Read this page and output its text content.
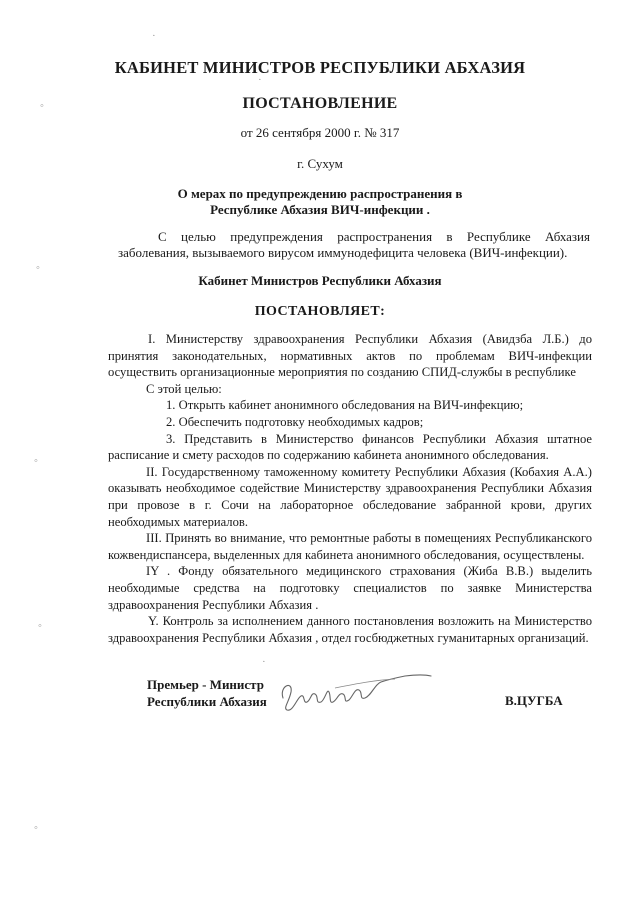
КАБИНЕТ МИНИСТРОВ РЕСПУБЛИКИ АБХАЗИЯ
ПОСТАНОВЛЕНИЕ
от 26 сентября 2000 г. № 317
г. Сухум
О мерах по предупреждению распространения в
Республике Абхазия ВИЧ-инфекции .
С целью предупреждения распространения в Республике Абхазия заболевания, вызываемого вирусом иммунодефицита человека (ВИЧ-инфекции).
Кабинет Министров Республики Абхазия
ПОСТАНОВЛЯЕТ:

I. Министерству здравоохранения Республики Абхазия (Авидзба Л.Б.) до принятия законодательных, нормативных актов по проблемам ВИЧ-инфекции осуществить организационные мероприятия по созданию СПИД-службы в республике

С этой целью:

1. Открыть кабинет анонимного обследования на ВИЧ-инфекцию;

2. Обеспечить подготовку необходимых кадров;

3. Представить в Министерство финансов Республики Абхазия штатное расписание и смету расходов по содержанию кабинета анонимного обследования.

II. Государственному таможенному комитету Республики Абхазия (Кобахия А.А.) оказывать необходимое содействие Министерству здравоохранения Республики Абхазия при провозе в г. Сочи на лабораторное обследование забранной крови, других необходимых материалов.

III. Принять во внимание, что ремонтные работы в помещениях Республиканского кожвендиспансера, выделенных для кабинета анонимного обследования, осуществлены.

IY . Фонду обязательного медицинского страхования (Жиба В.В.) выделить необходимые средства на подготовку специалистов по заявке Министерства здравоохранения Республики Абхазия .

Y. Контроль за исполнением данного постановления возложить на Министерство здравоохранения Республики Абхазия , отдел госбюджетных гуманитарных организаций.

Премьер - Министр
Республики Абхазия	В.ЦУГБА
◦
◦
◦
◦
◦
·
·
·
